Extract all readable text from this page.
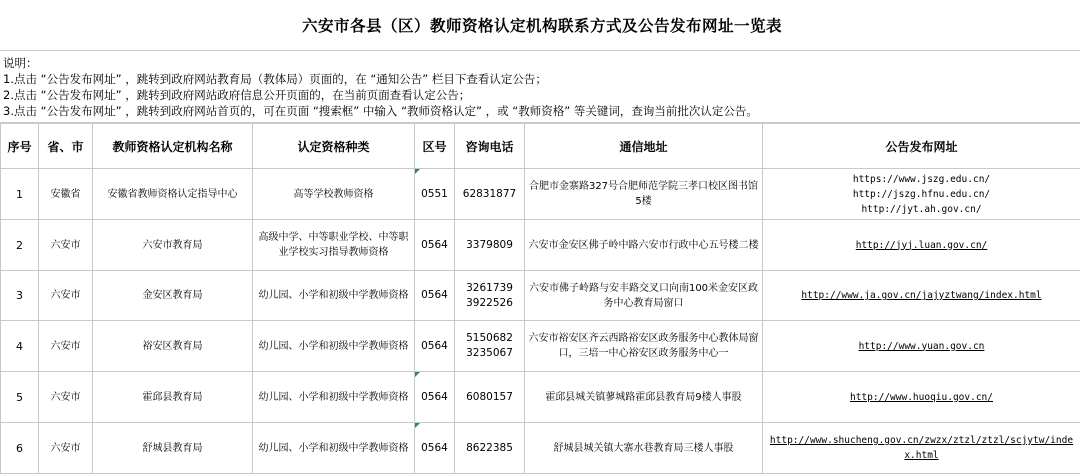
六安市各县（区）教师资格认定机构联系方式及公告发布网址一览表
说明：
1.点击 “公告发布网址” ，跳转到政府网站教育局（教体局）页面的，在 “通知公告” 栏目下查看认定公告；
2.点击 “公告发布网址” ，跳转到政府网站政府信息公开页面的，在当前页面查看认定公告；
3.点击 “公告发布网址” ，跳转到政府网站首页的，可在页面 “搜索框” 中输入 “教师资格认定” ，或 “教师资格” 等关键词，查询当前批次认定公告。
序号	省、市	教师资格认定机构名称	认定资格种类	区号	咨询电话	通信地址	公告发布网址
1	安徽省	安徽省教师资格认定指导中心	高等学校教师资格	0551	62831877	合肥市金寨路327号合肥师范学院三孝口校区图书馆5楼	https://www.jszg.edu.cn/
http://jszg.hfnu.edu.cn/
http://jyt.ah.gov.cn/

2	六安市	六安市教育局	高级中学、中等职业学校、中等职业学校实习指导教师资格	0564	3379809	六安市金安区佛子岭中路六安市行政中心五号楼二楼	http://jyj.luan.gov.cn/

3	六安市	金安区教育局	幼儿园、小学和初级中学教师资格	0564	3261739
3922526	六安市佛子岭路与安丰路交叉口向南100米金安区政务中心教育局窗口	http://www.ja.gov.cn/jajyztwang/index.html

4	六安市	裕安区教育局	幼儿园、小学和初级中学教师资格	0564	5150682
3235067	六安市裕安区齐云西路裕安区政务服务中心教体局窗口，三培一中心裕安区政务服务中心一	http://www.yuan.gov.cn

5	六安市	霍邱县教育局	幼儿园、小学和初级中学教师资格	0564	6080157	霍邱县城关镇蓼城路霍邱县教育局9楼人事股	http://www.huoqiu.gov.cn/

6	六安市	舒城县教育局	幼儿园、小学和初级中学教师资格	0564	8622385	舒城县城关镇大寨水巷教育局三楼人事股	http://www.shucheng.gov.cn/zwzx/ztzl/ztzl/scjytw/index.html
